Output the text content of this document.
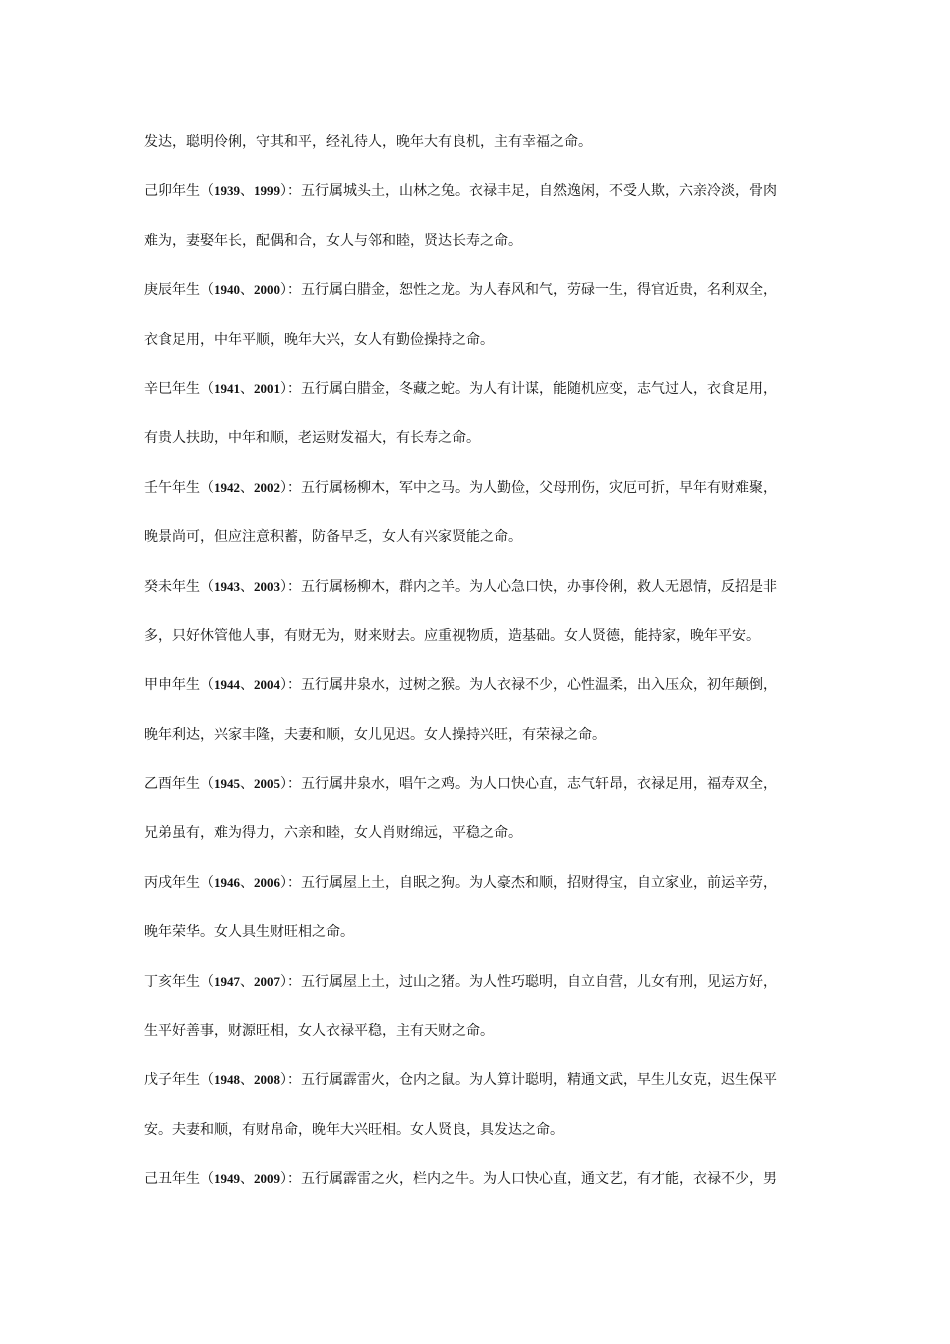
发达，聪明伶俐，守其和平，经礼待人，晚年大有良机，主有幸福之命。
己卯年生（1939、1999）：五行属城头土，山林之兔。衣禄丰足，自然逸闲，不受人欺，六亲冷淡，骨肉
难为，妻娶年长，配偶和合，女人与邻和睦，贤达长寿之命。
庚辰年生（1940、2000）：五行属白腊金，恕性之龙。为人春风和气，劳碌一生，得官近贵，名利双全，
衣食足用，中年平顺，晚年大兴，女人有勤俭操持之命。
辛巳年生（1941、2001）：五行属白腊金，冬藏之蛇。为人有计谋，能随机应变，志气过人，衣食足用，
有贵人扶助，中年和顺，老运财发福大，有长寿之命。
壬午年生（1942、2002）：五行属杨柳木，军中之马。为人勤俭，父母刑伤，灾厄可折，早年有财难聚，
晚景尚可，但应注意积蓄，防备早乏，女人有兴家贤能之命。
癸未年生（1943、2003）：五行属杨柳木，群内之羊。为人心急口快，办事伶俐，救人无恩情，反招是非
多，只好休管他人事，有财无为，财来财去。应重视物质，造基础。女人贤德，能持家，晚年平安。
甲申年生（1944、2004）：五行属井泉水，过树之猴。为人衣禄不少，心性温柔，出入压众，初年颠倒，
晚年利达，兴家丰隆，夫妻和顺，女儿见迟。女人操持兴旺，有荣禄之命。
乙酉年生（1945、2005）：五行属井泉水，唱午之鸡。为人口快心直，志气轩昂，衣禄足用，福寿双全，
兄弟虽有，难为得力，六亲和睦，女人肖财绵远，平稳之命。
丙戌年生（1946、2006）：五行属屋上土，自眠之狗。为人豪杰和顺，招财得宝，自立家业，前运辛劳，
晚年荣华。女人具生财旺相之命。
丁亥年生（1947、2007）：五行属屋上土，过山之猪。为人性巧聪明，自立自营，儿女有刑，见运方好，
生平好善事，财源旺相，女人衣禄平稳，主有天财之命。
戊子年生（1948、2008）：五行属霹雷火，仓内之鼠。为人算计聪明，精通文武，早生儿女克，迟生保平
安。夫妻和顺，有财帛命，晚年大兴旺相。女人贤良，具发达之命。
己丑年生（1949、2009）：五行属霹雷之火，栏内之牛。为人口快心直，通文艺，有才能，衣禄不少，男
